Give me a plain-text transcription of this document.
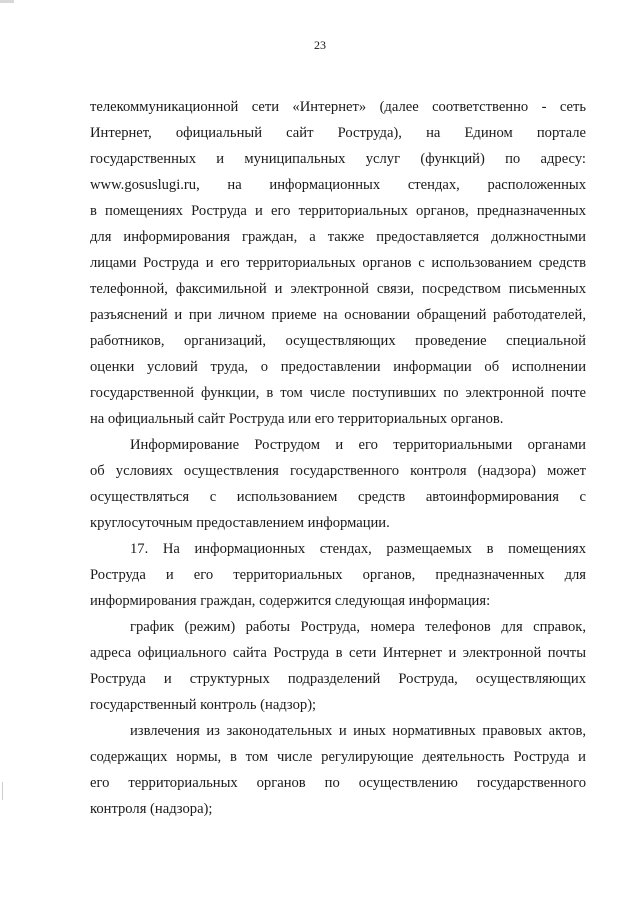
23
телекоммуникационной сети «Интернет» (далее соответственно - сеть
Интернет, официальный сайт Роструда), на Едином портале
государственных и муниципальных услуг (функций) по адресу:
www.gosuslugi.ru, на информационных стендах, расположенных
в помещениях Роструда и его территориальных органов, предназначенных
для информирования граждан, а также предоставляется должностными
лицами Роструда и его территориальных органов с использованием средств
телефонной, факсимильной и электронной связи, посредством письменных
разъяснений и при личном приеме на основании обращений работодателей,
работников, организаций, осуществляющих проведение специальной
оценки условий труда, о предоставлении информации об исполнении
государственной функции, в том числе поступивших по электронной почте
на официальный сайт Роструда или его территориальных органов.
Информирование Рострудом и его территориальными органами
об условиях осуществления государственного контроля (надзора) может
осуществляться с использованием средств автоинформирования с
круглосуточным предоставлением информации.
17. На информационных стендах, размещаемых в помещениях
Роструда и его территориальных органов, предназначенных для
информирования граждан, содержится следующая информация:
график (режим) работы Роструда, номера телефонов для справок,
адреса официального сайта Роструда в сети Интернет и электронной почты
Роструда и структурных подразделений Роструда, осуществляющих
государственный контроль (надзор);
извлечения из законодательных и иных нормативных правовых актов,
содержащих нормы, в том числе регулирующие деятельность Роструда и
его территориальных органов по осуществлению государственного
контроля (надзора);
